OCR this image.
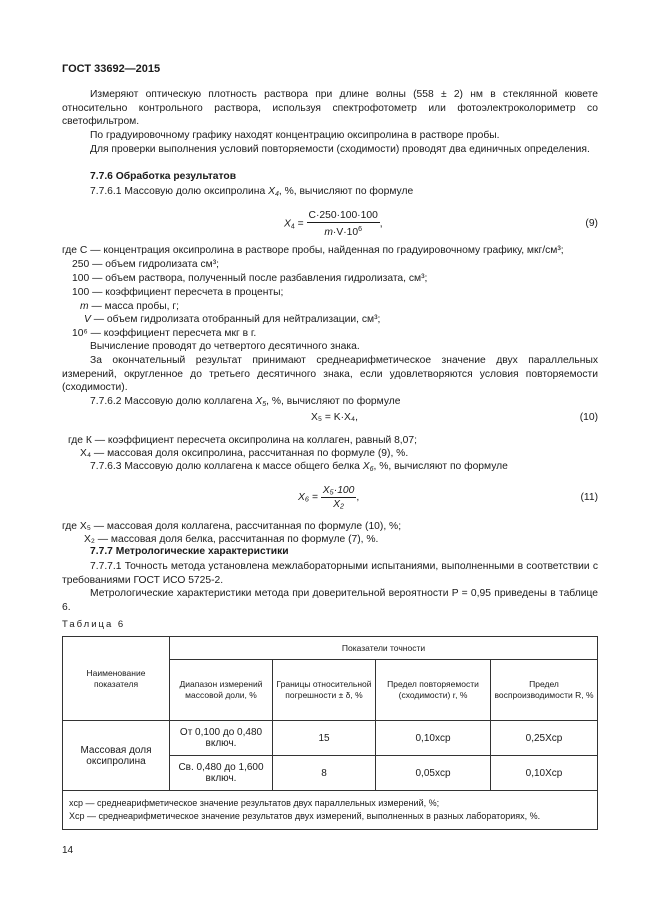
ГОСТ 33692—2015
Измеряют оптическую плотность раствора при длине волны (558 ± 2) нм в стеклянной кювете относительно контрольного раствора, используя спектрофотометр или фотоэлектроколориметр со светофильтром.
По градуировочному графику находят концентрацию оксипролина в растворе пробы.
Для проверки выполнения условий повторяемости (сходимости) проводят два единичных определения.
7.7.6 Обработка результатов
7.7.6.1 Массовую долю оксипролина $X_4$, %, вычисляют по формуле
$X_4 = \frac{C\cdot 250\cdot 100\cdot 100}{m\cdot V\cdot 10^6}$ ,	(9)
где C — концентрация оксипролина в растворе пробы, найденная по градуировочному графику, мкг/см³;
250 — объем гидролизата см³;
100 — объем раствора, полученный после разбавления гидролизата, см³;
100 — коэффициент пересчета в проценты;
m — масса пробы, г;
V — объем гидролизата отобранный для нейтрализации, см³;
10⁶ — коэффициент пересчета мкг в г.
Вычисление проводят до четвертого десятичного знака.
За окончательный результат принимают среднеарифметическое значение двух параллельных измерений, округленное до третьего десятичного знака, если удовлетворяются условия повторяемости (сходимости).
7.7.6.2 Массовую долю коллагена $X_5$, %, вычисляют по формуле
X₅ = K·X₄,	(10)
где К — коэффициент пересчета оксипролина на коллаген, равный 8,07;
X₄ — массовая доля оксипролина, рассчитанная по формуле (9), %.
7.7.6.3 Массовую долю коллагена к массе общего белка $X_6$, %, вычисляют по формуле
$X_6 = \frac{\text{X₅·100}}{\text{X₂}}$ ,	(11)
где X₅ — массовая доля коллагена, рассчитанная по формуле (10), %;
X₂ — массовая доля белка, рассчитанная по формуле (7), %.
7.7.7 Метрологические характеристики
7.7.7.1 Точность метода установлена межлабораторными испытаниями, выполненными в соответствии с требованиями ГОСТ ИСО 5725-2.
Метрологические характеристики метода при доверительной вероятности P = 0,95 приведены в таблице 6.
Таблица 6
Наименование показателя	Показатели точности			
	Диапазон измерений массовой доли, %	Границы относительной погрешности ± δ, %	Предел повторяемости (сходимости) r, %	Предел воспроизводимости R, %
Массовая доля оксипролина	От 0,100 до 0,480 включ.	15	0,10xср	0,25Xср
	Св. 0,480 до 1,600 включ.	8	0,05xср	0,10Xср

xср — среднеарифметическое значение результатов двух параллельных измерений, %;
Xср — среднеарифметическое значение результатов двух измерений, выполненных в разных лабораториях, %.				
14
